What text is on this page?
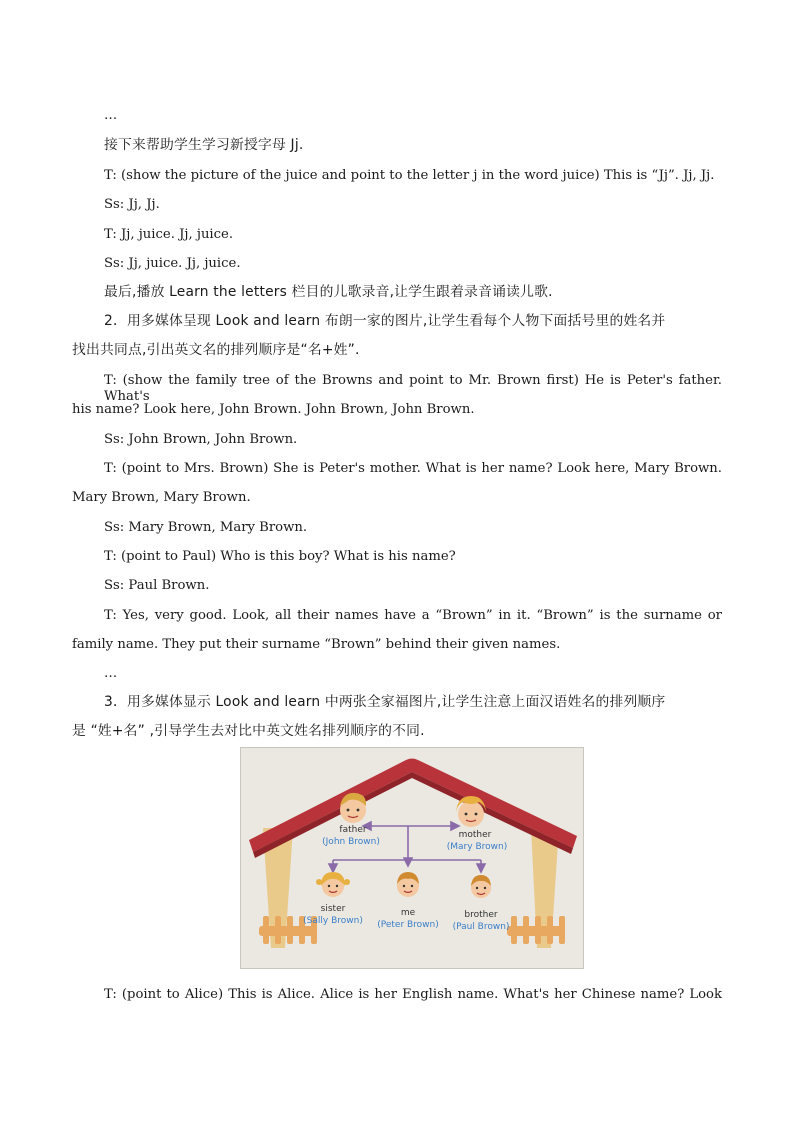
…
接下来帮助学生学习新授字母 Jj.
T: (show the picture of the juice and point to the letter j in the word juice) This is “Jj”. Jj, Jj.
Ss: Jj, Jj.
T: Jj, juice. Jj, juice.
Ss: Jj, juice. Jj, juice.
最后,播放 Learn the letters 栏目的儿歌录音,让学生跟着录音诵读儿歌.
2．用多媒体呈现 Look and learn 布朗一家的图片,让学生看每个人物下面括号里的姓名并
找出共同点,引出英文名的排列顺序是“名+姓”.
T: (show the family tree of the Browns and point to Mr. Brown first) He is Peter's father. What's
his name? Look here, John Brown. John Brown, John Brown.
Ss: John Brown, John Brown.
T: (point to Mrs. Brown) She is Peter's mother. What is her name? Look here, Mary Brown.
Mary Brown, Mary Brown.
Ss: Mary Brown, Mary Brown.
T: (point to Paul) Who is this boy? What is his name?
Ss: Paul Brown.
T: Yes, very good. Look, all their names have a “Brown” in it. “Brown” is the surname or
family name. They put their surname “Brown” behind their given names.
…
3．用多媒体显示 Look and learn 中两张全家福图片,让学生注意上面汉语姓名的排列顺序
是 “姓+名” ,引导学生去对比中英文姓名排列顺序的不同.
father
(John Brown)
mother
(Mary Brown)
sister
(Sally Brown)
me
(Peter Brown)
brother
(Paul Brown)
T: (point to Alice) This is Alice. Alice is her English name. What's her Chinese name? Look
